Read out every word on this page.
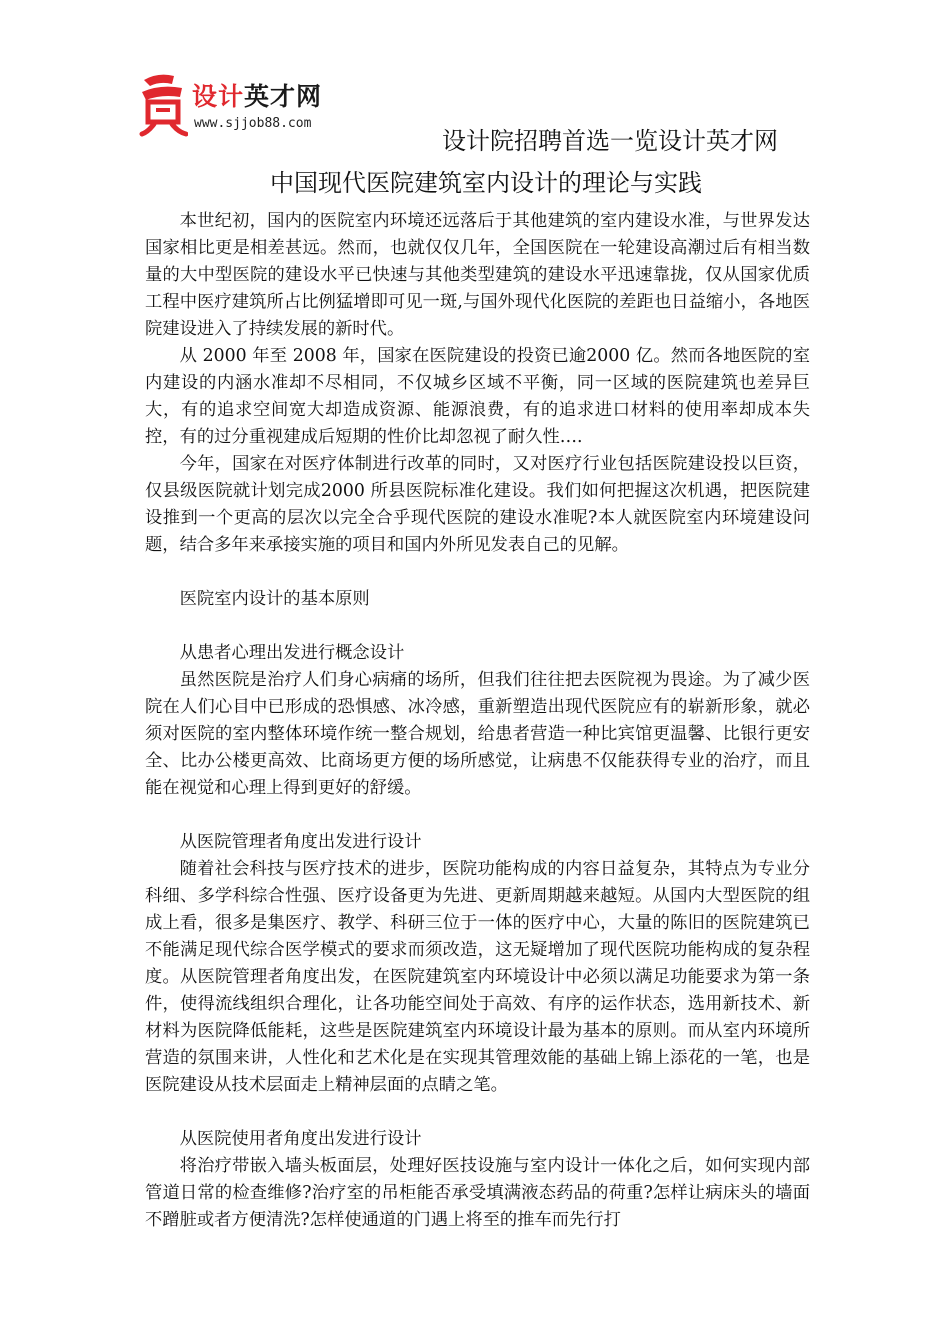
设计英才网
www.sjjob88.com
设计院招聘首选一览设计英才网
中国现代医院建筑室内设计的理论与实践

本世纪初，国内的医院室内环境还远落后于其他建筑的室内建设水准，与世界发达国家相比更是相差甚远。然而，也就仅仅几年，全国医院在一轮建设高潮过后有相当数量的大中型医院的建设水平已快速与其他类型建筑的建设水平迅速靠拢，仅从国家优质工程中医疗建筑所占比例猛增即可见一斑,与国外现代化医院的差距也日益缩小，各地医院建设进入了持续发展的新时代。

从 2000 年至 2008 年，国家在医院建设的投资已逾2000 亿。然而各地医院的室内建设的内涵水准却不尽相同，不仅城乡区域不平衡，同一区域的医院建筑也差异巨大，有的追求空间宽大却造成资源、能源浪费，有的追求进口材料的使用率却成本失控，有的过分重视建成后短期的性价比却忽视了耐久性….

今年，国家在对医疗体制进行改革的同时，又对医疗行业包括医院建设投以巨资，仅县级医院就计划完成2000 所县医院标准化建设。我们如何把握这次机遇，把医院建设推到一个更高的层次以完全合乎现代医院的建设水准呢?本人就医院室内环境建设问题，结合多年来承接实施的项目和国内外所见发表自己的见解。

医院室内设计的基本原则

从患者心理出发进行概念设计

虽然医院是治疗人们身心病痛的场所，但我们往往把去医院视为畏途。为了减少医院在人们心目中已形成的恐惧感、冰冷感，重新塑造出现代医院应有的崭新形象，就必须对医院的室内整体环境作统一整合规划，给患者营造一种比宾馆更温馨、比银行更安全、比办公楼更高效、比商场更方便的场所感觉，让病患不仅能获得专业的治疗，而且能在视觉和心理上得到更好的舒缓。

从医院管理者角度出发进行设计

随着社会科技与医疗技术的进步，医院功能构成的内容日益复杂，其特点为专业分科细、多学科综合性强、医疗设备更为先进、更新周期越来越短。从国内大型医院的组成上看，很多是集医疗、教学、科研三位于一体的医疗中心，大量的陈旧的医院建筑已不能满足现代综合医学模式的要求而须改造，这无疑增加了现代医院功能构成的复杂程度。从医院管理者角度出发，在医院建筑室内环境设计中必须以满足功能要求为第一条件，使得流线组织合理化，让各功能空间处于高效、有序的运作状态，选用新技术、新材料为医院降低能耗，这些是医院建筑室内环境设计最为基本的原则。而从室内环境所营造的氛围来讲，人性化和艺术化是在实现其管理效能的基础上锦上添花的一笔，也是医院建设从技术层面走上精神层面的点睛之笔。

从医院使用者角度出发进行设计

将治疗带嵌入墙头板面层，处理好医技设施与室内设计一体化之后，如何实现内部管道日常的检查维修?治疗室的吊柜能否承受填满液态药品的荷重?怎样让病床头的墙面不蹭脏或者方便清洗?怎样使通道的门遇上将至的推车而先行打
